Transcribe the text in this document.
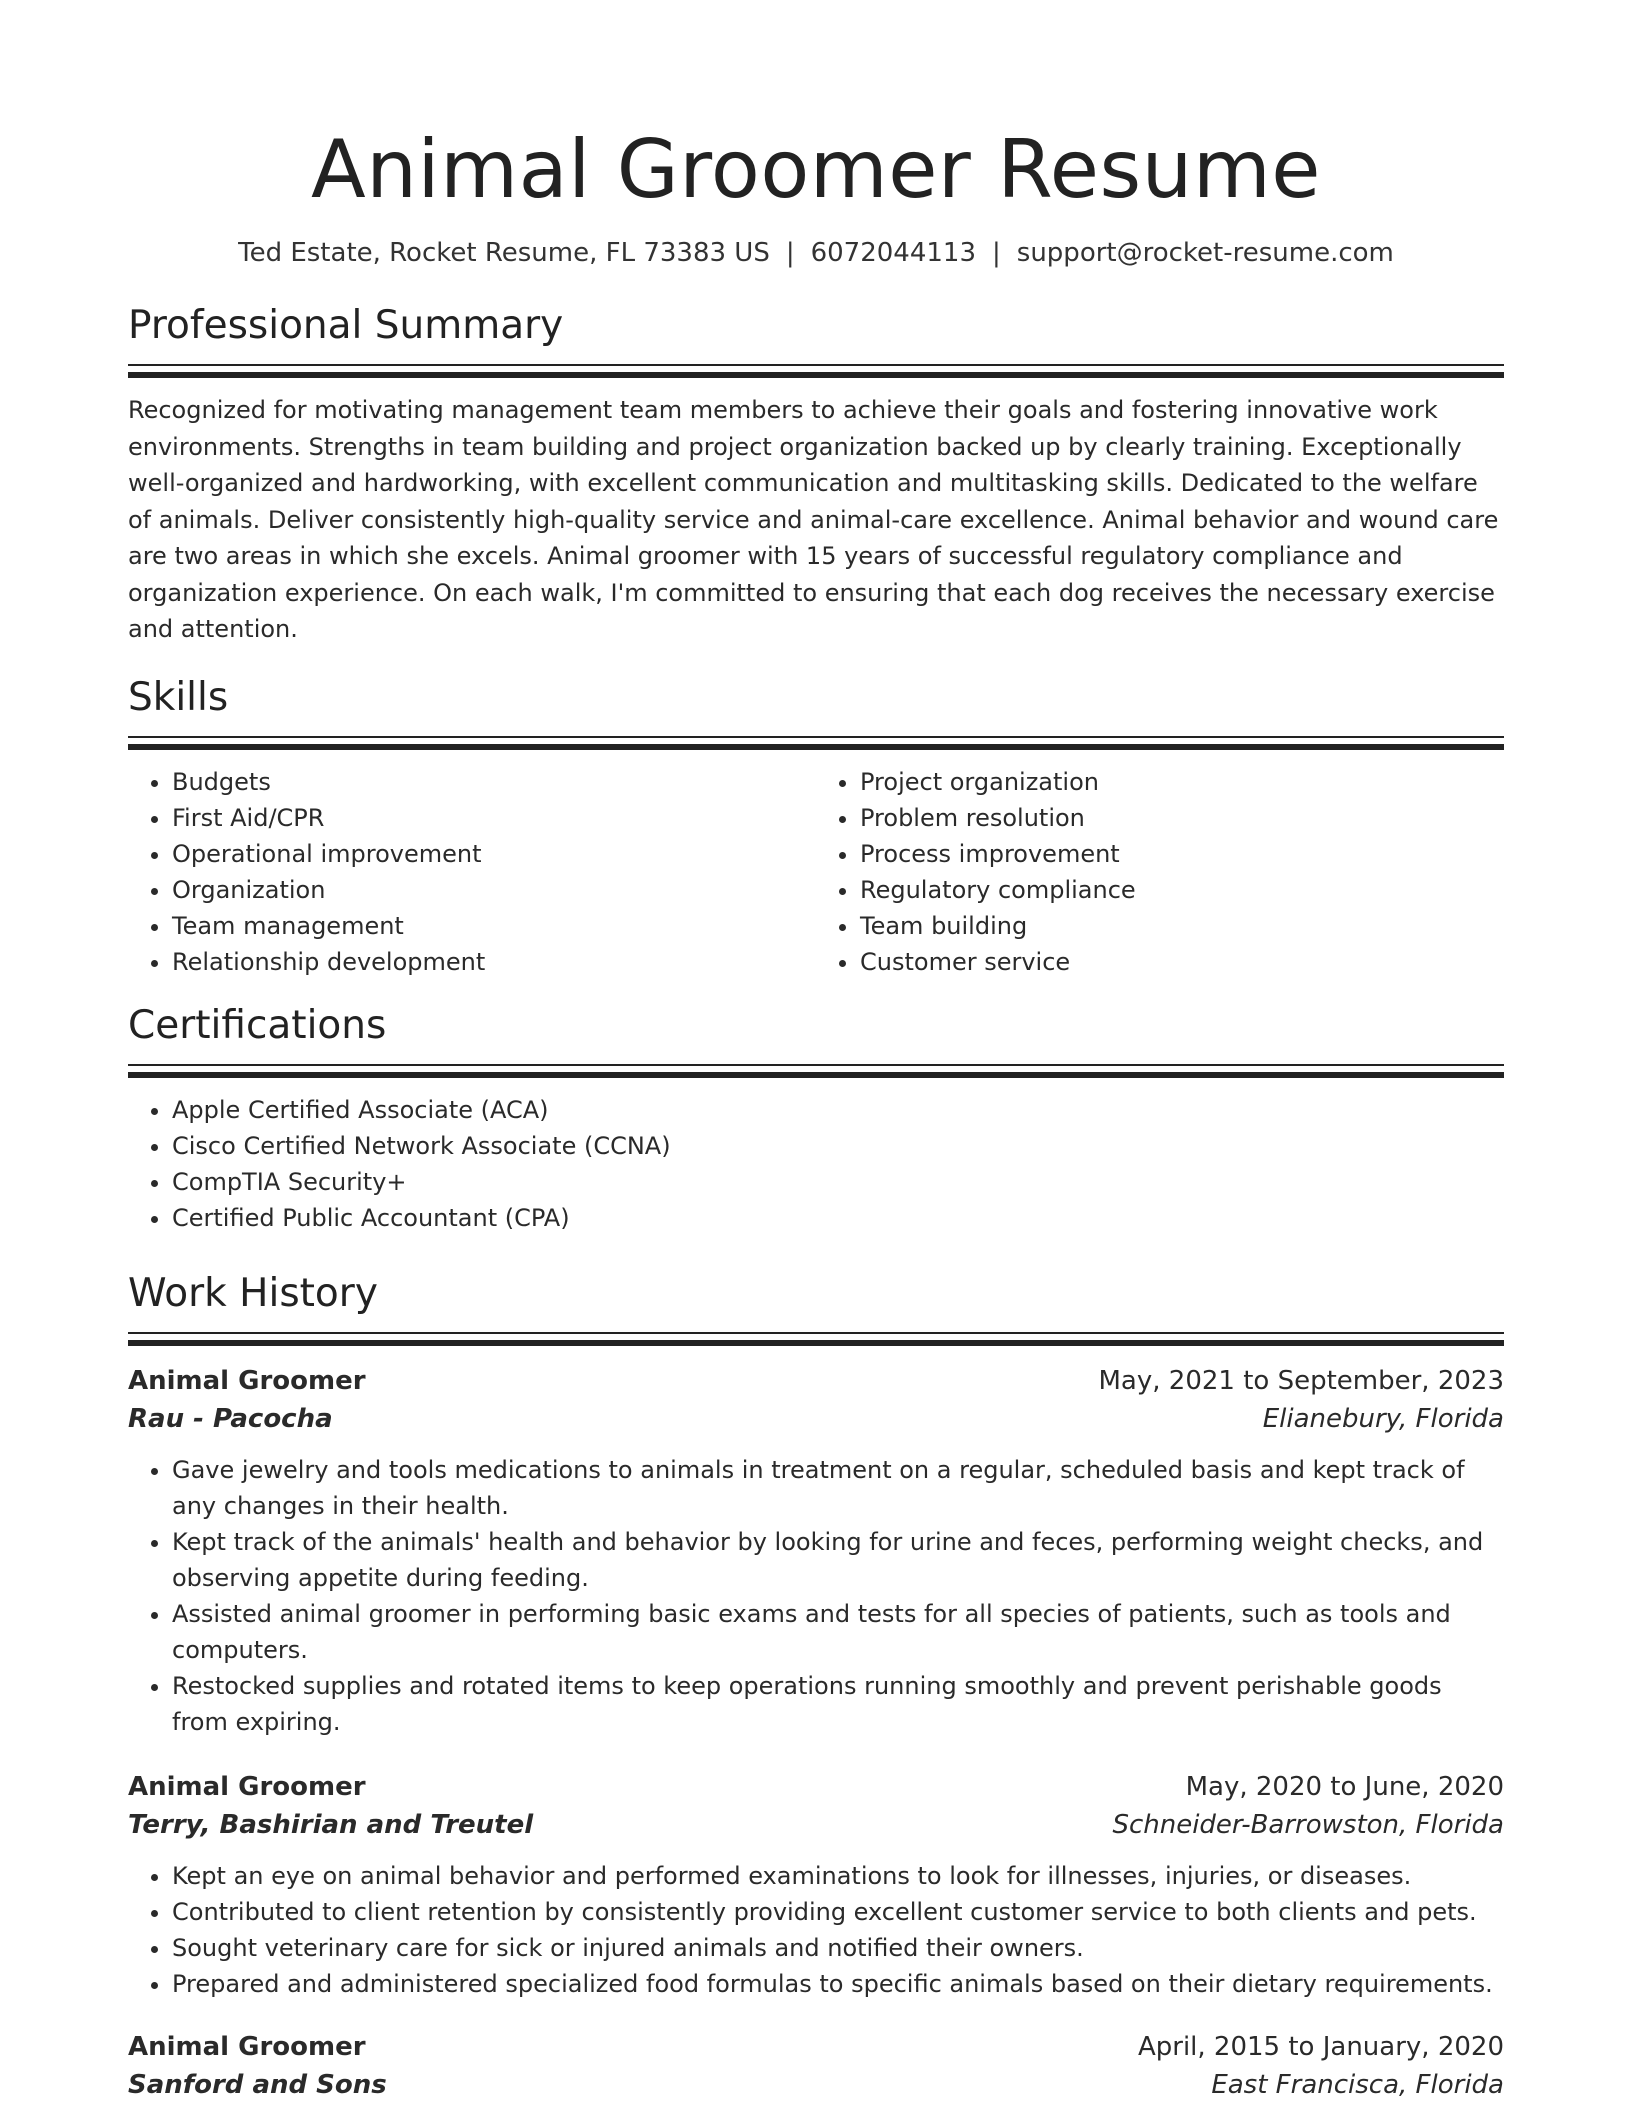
Animal Groomer Resume
Ted Estate, Rocket Resume, FL 73383 US | 6072044113 | support@rocket-resume.com
Professional Summary

Recognized for motivating management team members to achieve their goals and fostering innovative work environments. Strengths in team building and project organization backed up by clearly training. Exceptionally well-organized and hardworking, with excellent communication and multitasking skills. Dedicated to the welfare of animals. Deliver consistently high-quality service and animal-care excellence. Animal behavior and wound care are two areas in which she excels. Animal groomer with 15 years of successful regulatory compliance and organization experience. On each walk, I'm committed to ensuring that each dog receives the necessary exercise and attention.

Skills
• Budgets
• First Aid/CPR
• Operational improvement
• Organization
• Team management
• Relationship development
• Project organization
• Problem resolution
• Process improvement
• Regulatory compliance
• Team building
• Customer service
Certifications
• Apple Certified Associate (ACA)
• Cisco Certified Network Associate (CCNA)
• CompTIA Security+
• Certified Public Accountant (CPA)
Work History
Animal Groomer	May, 2021 to September, 2023
Rau - Pacocha	Elianebury, Florida
• Gave jewelry and tools medications to animals in treatment on a regular, scheduled basis and kept track of any changes in their health.
• Kept track of the animals' health and behavior by looking for urine and feces, performing weight checks, and observing appetite during feeding.
• Assisted animal groomer in performing basic exams and tests for all species of patients, such as tools and computers.
• Restocked supplies and rotated items to keep operations running smoothly and prevent perishable goods from expiring.
Animal Groomer	May, 2020 to June, 2020
Terry, Bashirian and Treutel	Schneider-Barrowston, Florida
• Kept an eye on animal behavior and performed examinations to look for illnesses, injuries, or diseases.
• Contributed to client retention by consistently providing excellent customer service to both clients and pets.
• Sought veterinary care for sick or injured animals and notified their owners.
• Prepared and administered specialized food formulas to specific animals based on their dietary requirements.
Animal Groomer	April, 2015 to January, 2020
Sanford and Sons	East Francisca, Florida
